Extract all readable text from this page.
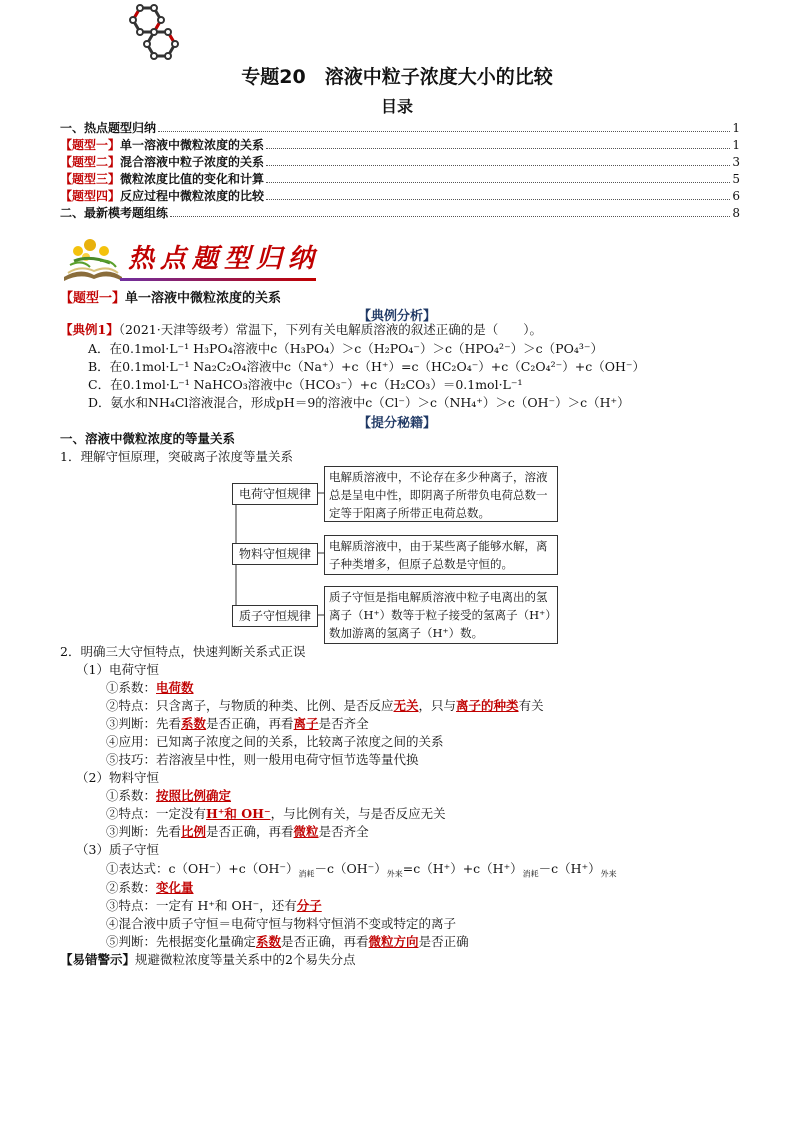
专题20　溶液中粒子浓度大小的比较
目录
一、热点题型归纳	1
【题型一】单一溶液中微粒浓度的关系	1
【题型二】混合溶液中粒子浓度的关系	3
【题型三】微粒浓度比值的变化和计算	5
【题型四】反应过程中微粒浓度的比较	6
二、最新模考题组练	8
热点题型归纳
【题型一】单一溶液中微粒浓度的关系
【典例分析】
【典例1】（2021·天津等级考）常温下，下列有关电解质溶液的叙述正确的是（　　）。
A．在0.1mol·L⁻¹ H₃PO₄溶液中c（H₃PO₄）＞c（H₂PO₄⁻）＞c（HPO₄²⁻）＞c（PO₄³⁻）
B．在0.1mol·L⁻¹ Na₂C₂O₄溶液中c（Na⁺）+c（H⁺）=c（HC₂O₄⁻）+c（C₂O₄²⁻）+c（OH⁻）
C．在0.1mol·L⁻¹ NaHCO₃溶液中c（HCO₃⁻）+c（H₂CO₃）＝0.1mol·L⁻¹
D．氨水和NH₄Cl溶液混合，形成pH＝9的溶液中c（Cl⁻）＞c（NH₄⁺）＞c（OH⁻）＞c（H⁺）
【提分秘籍】
一、溶液中微粒浓度的等量关系
1．理解守恒原理，突破离子浓度等量关系
电荷守恒规律
电解质溶液中，不论存在多少种离子，溶液总是呈电中性，即阴离子所带负电荷总数一定等于阳离子所带正电荷总数。
物料守恒规律
电解质溶液中，由于某些离子能够水解，离子种类增多，但原子总数是守恒的。
质子守恒规律
质子守恒是指电解质溶液中粒子电离出的氢离子（H⁺）数等于粒子接受的氢离子（H⁺）数加游离的氢离子（H⁺）数。
2．明确三大守恒特点，快速判断关系式正误
（1）电荷守恒
①系数：电荷数
②特点：只含离子，与物质的种类、比例、是否反应无关，只与离子的种类有关
③判断：先看系数是否正确，再看离子是否齐全
④应用：已知离子浓度之间的关系，比较离子浓度之间的关系
⑤技巧：若溶液呈中性，则一般用电荷守恒节选等量代换
（2）物料守恒
①系数：按照比例确定
②特点：一定没有H⁺和 OH⁻，与比例有关，与是否反应无关
③判断：先看比例是否正确，再看微粒是否齐全
（3）质子守恒
①表达式：$c(OH^-)+c(OH^-)_{消耗}-c(OH^-)_{外来}=c(H^+)+c(H^+)_{消耗}-c(H^+)_{外来}$
②系数：变化量
③特点：一定有 H⁺和 OH⁻，还有分子
④混合液中质子守恒＝电荷守恒与物料守恒消不变或特定的离子
⑤判断：先根据变化量确定系数是否正确，再看微粒方向是否正确
【易错警示】规避微粒浓度等量关系中的2个易失分点
